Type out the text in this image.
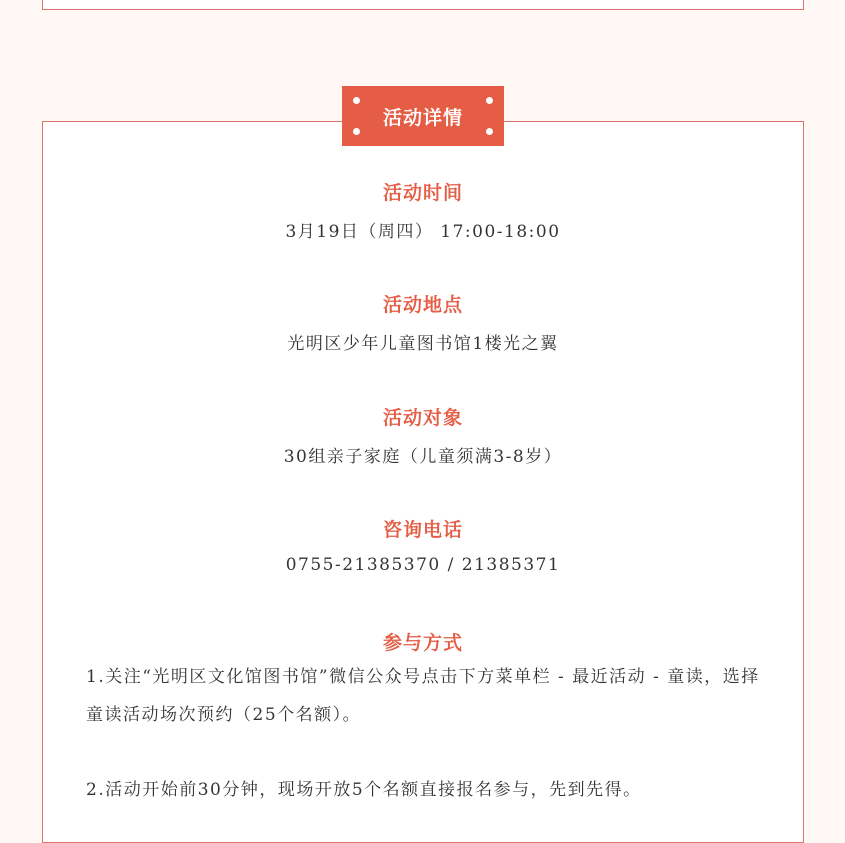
活动详情
活动时间
3月19日（周四） 17:00-18:00
活动地点
光明区少年儿童图书馆1楼光之翼
活动对象
30组亲子家庭（儿童须满3-8岁）
咨询电话
0755-21385370 / 21385371
参与方式
1.关注“光明区文化馆图书馆”微信公众号点击下方菜单栏 - 最近活动 - 童读，选择童读活动场次预约（25个名额）。
2.活动开始前30分钟，现场开放5个名额直接报名参与，先到先得。
